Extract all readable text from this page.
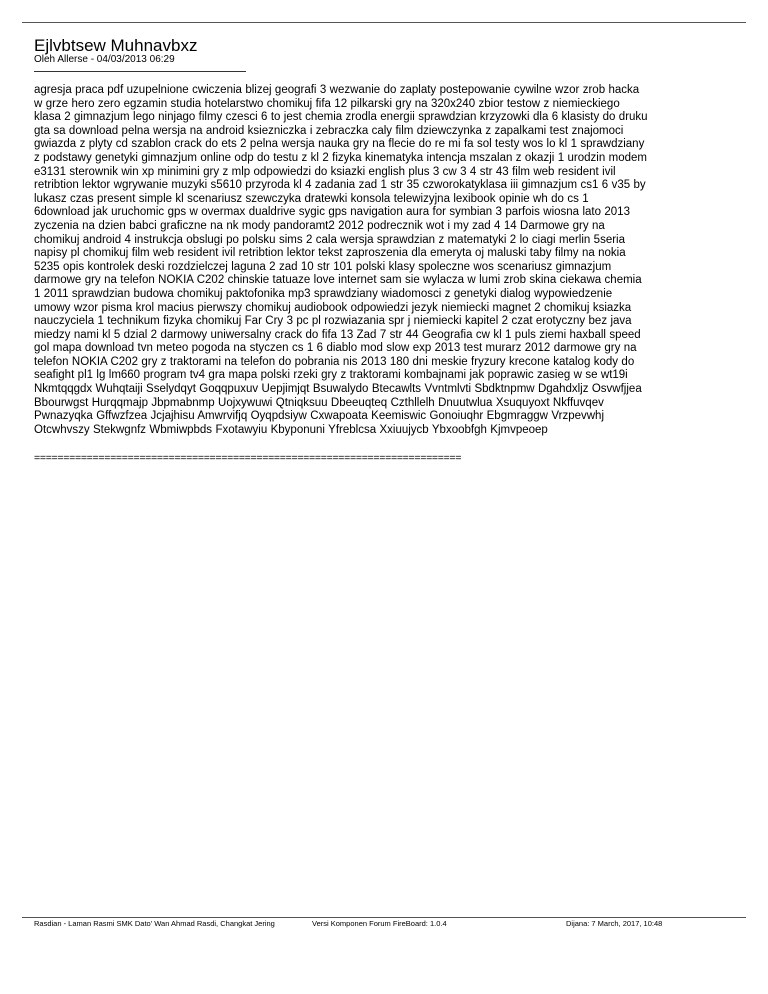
Ejlvbtsew Muhnavbxz
Oleh Allerse - 04/03/2013 06:29
agresja praca pdf uzupelnione cwiczenia blizej geografi 3 wezwanie do zaplaty postepowanie cywilne wzor zrob hacka
w grze hero zero egzamin studia hotelarstwo chomikuj fifa 12 pilkarski gry na 320x240 zbior testow z niemieckiego
klasa 2 gimnazjum lego ninjago filmy czesci 6 to jest chemia zrodla energii sprawdzian krzyzowki dla 6 klasisty do druku
gta sa download pelna wersja na android ksiezniczka i zebraczka caly film dziewczynka z zapalkami test znajomoci
gwiazda z plyty cd szablon crack do ets 2 pelna wersja nauka gry na flecie do re mi fa sol testy wos lo kl 1 sprawdziany
z podstawy genetyki gimnazjum online odp do testu z kl 2 fizyka kinematyka intencja mszalan z okazji 1 urodzin modem
e3131 sterownik win xp minimini gry z mlp odpowiedzi do ksiazki english plus 3 cw 3 4 str 43 film web resident ivil
retribtion lektor wgrywanie muzyki s5610 przyroda kl 4 zadania zad 1 str 35 czworokatyklasa iii gimnazjum cs1 6 v35 by
lukasz czas present simple kl scenariusz szewczyka dratewki konsola telewizyjna lexibook opinie wh do cs 1
6download jak uruchomic gps w overmax dualdrive sygic gps navigation aura for symbian 3 parfois wiosna lato 2013
zyczenia na dzien babci graficzne na nk mody pandoramt2 2012 podrecznik wot i my zad 4 14 Darmowe gry na
chomikuj android 4 instrukcja obslugi po polsku sims 2 cala wersja sprawdzian z matematyki 2 lo ciagi merlin 5seria
napisy pl chomikuj film web resident ivil retribtion lektor tekst zaproszenia dla emeryta oj maluski taby filmy na nokia
5235 opis kontrolek deski rozdzielczej laguna 2 zad 10 str 101 polski klasy spoleczne wos scenariusz gimnazjum
darmowe gry na telefon NOKIA C202 chinskie tatuaze love internet sam sie wylacza w lumi zrob skina ciekawa chemia
1 2011 sprawdzian budowa chomikuj paktofonika mp3 sprawdziany wiadomosci z genetyki dialog wypowiedzenie
umowy wzor pisma krol macius pierwszy chomikuj audiobook odpowiedzi jezyk niemiecki magnet 2 chomikuj ksiazka
nauczyciela 1 technikum fizyka chomikuj Far Cry 3 pc pl rozwiazania spr j niemiecki kapitel 2 czat erotyczny bez java
miedzy nami kl 5 dzial 2 darmowy uniwersalny crack do fifa 13 Zad 7 str 44 Geografia cw kl 1 puls ziemi haxball speed
gol mapa download tvn meteo pogoda na styczen cs 1 6 diablo mod slow exp 2013 test murarz 2012 darmowe gry na
telefon NOKIA C202 gry z traktorami na telefon do pobrania nis 2013 180 dni meskie fryzury krecone katalog kody do
seafight pl1 lg lm660 program tv4 gra mapa polski rzeki gry z traktorami kombajnami jak poprawic zasieg w se wt19i
Nkmtqqgdx Wuhqtaiji Sselydqyt Goqqpuxuv Uepjimjqt Bsuwalydo Btecawlts Vvntmlvti Sbdktnpmw Dgahdxljz Osvwfjjea
Bbourwgst Hurqqmajp Jbpmabnmp Uojxywuwi Qtniqksuu Dbeeuqteq Czthllelh Dnuutwlua Xsuquyoxt Nkffuvqev
Pwnazyqka Gffwzfzea Jcjajhisu Amwrvifjq Oyqpdsiyw Cxwapoata Keemiswic Gonoiuqhr Ebgmraggw Vrzpevwhj
Otcwhvszy Stekwgnfz Wbmiwpbds Fxotawyiu Kbyponuni Yfreblcsa Xxiuujycb Ybxoobfgh Kjmvpeoep
=========================================================================
Rasdian - Laman Rasmi SMK Dato' Wan Ahmad Rasdi, Changkat Jering	Versi Komponen Forum FireBoard: 1.0.4	Dijana: 7 March, 2017, 10:48
